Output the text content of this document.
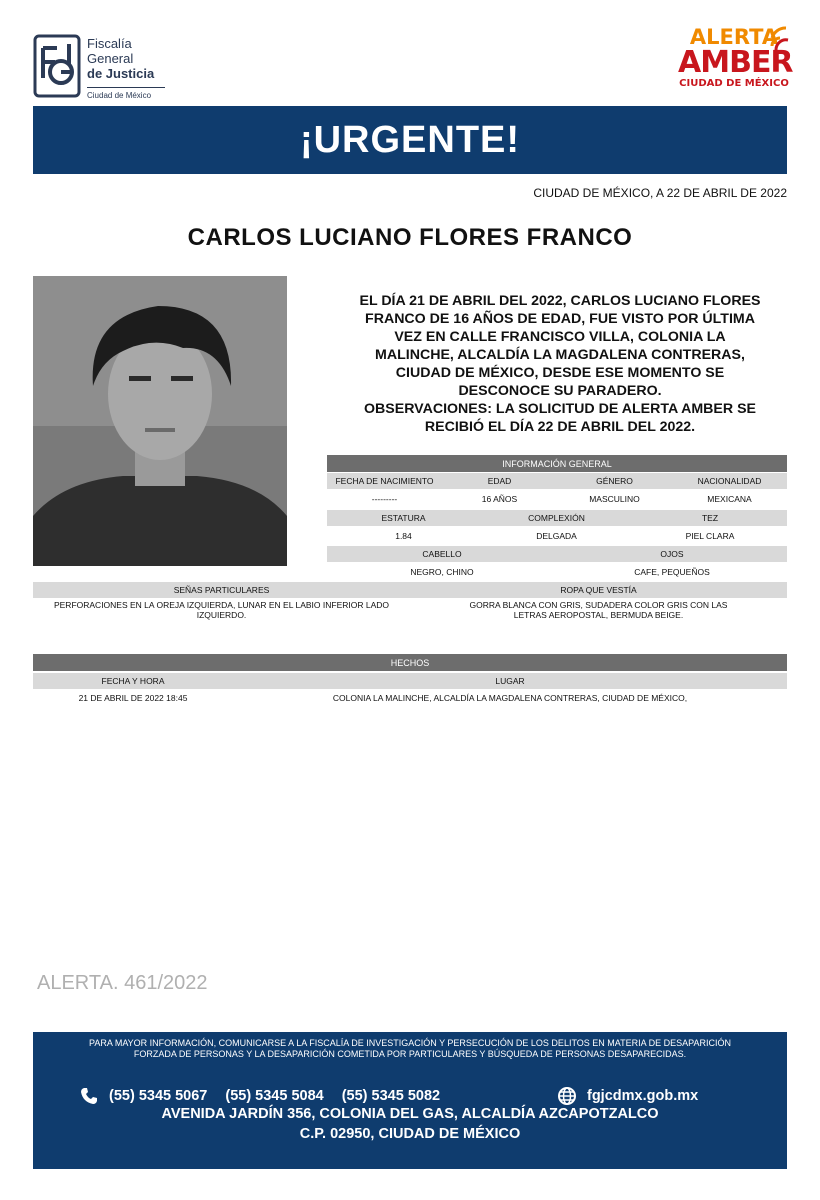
Fiscalía
General
de Justicia
Ciudad de México
ALERTA
AMBER
CIUDAD DE MÉXICO
¡URGENTE!
CIUDAD DE MÉXICO, A 22 DE ABRIL DE 2022
CARLOS LUCIANO FLORES FRANCO
EL DÍA 21 DE ABRIL DEL 2022, CARLOS LUCIANO FLORES
FRANCO DE 16 AÑOS DE EDAD, FUE VISTO POR ÚLTIMA
VEZ EN CALLE FRANCISCO VILLA, COLONIA LA
MALINCHE, ALCALDÍA LA MAGDALENA CONTRERAS,
CIUDAD DE MÉXICO, DESDE ESE MOMENTO SE
DESCONOCE SU PARADERO.
OBSERVACIONES: LA SOLICITUD DE ALERTA AMBER SE
RECIBIÓ EL DÍA 22 DE ABRIL DEL 2022.
INFORMACIÓN GENERAL
FECHA DE NACIMIENTO	EDAD	GÉNERO	NACIONALIDAD
---------	16 AÑOS	MASCULINO	MEXICANA
ESTATURA	COMPLEXIÓN	TEZ
1.84	DELGADA	PIEL CLARA
CABELLO	OJOS
NEGRO, CHINO	CAFE, PEQUEÑOS
SEÑAS PARTICULARES	ROPA QUE VESTÍA
PERFORACIONES EN LA OREJA IZQUIERDA, LUNAR EN EL LABIO INFERIOR LADO IZQUIERDO.
GORRA BLANCA CON GRIS, SUDADERA COLOR GRIS CON LAS LETRAS AEROPOSTAL, BERMUDA BEIGE.
HECHOS
FECHA Y HORA	LUGAR
21 DE ABRIL DE 2022 18:45	COLONIA LA MALINCHE, ALCALDÍA LA MAGDALENA CONTRERAS, CIUDAD DE MÉXICO,
ALERTA. 461/2022
PARA MAYOR INFORMACIÓN, COMUNICARSE A LA FISCALÍA DE INVESTIGACIÓN Y PERSECUCIÓN DE LOS DELITOS EN MATERIA DE DESAPARICIÓN
FORZADA DE PERSONAS Y LA DESAPARICIÓN COMETIDA POR PARTICULARES Y BÚSQUEDA DE PERSONAS DESAPARECIDAS.
(55) 5345 5067 (55) 5345 5084 (55) 5345 5082	fgjcdmx.gob.mx
AVENIDA JARDÍN 356, COLONIA DEL GAS, ALCALDÍA AZCAPOTZALCO
C.P. 02950, CIUDAD DE MÉXICO
